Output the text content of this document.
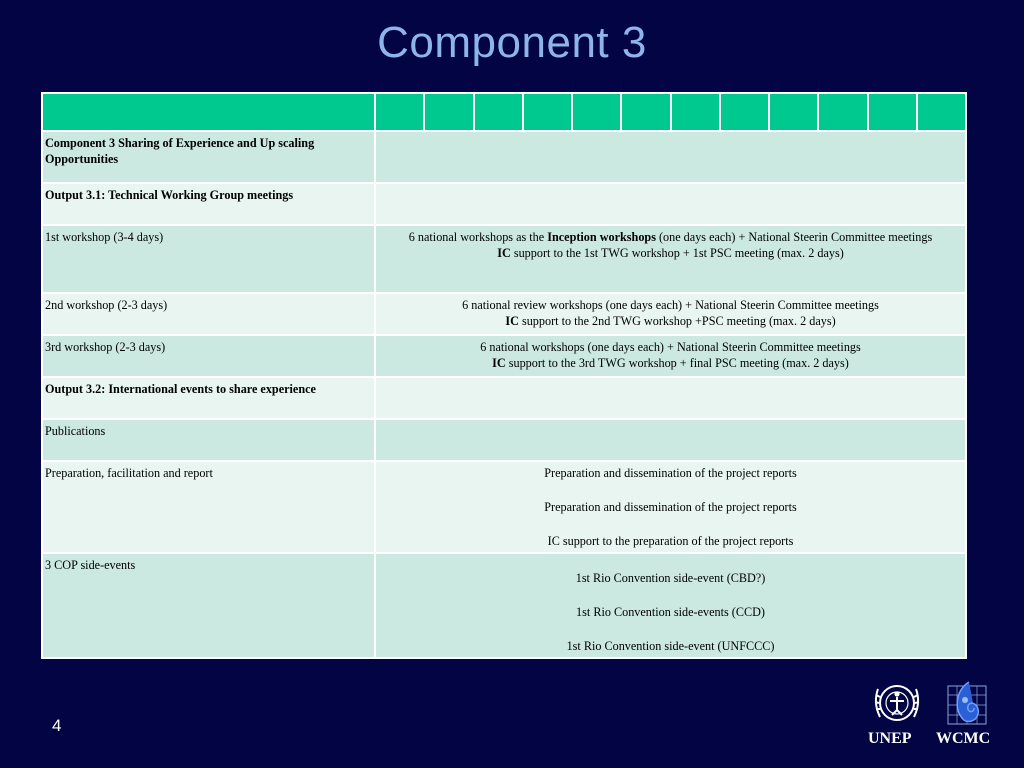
Component 3

Component 3 Sharing of Experience and Up scaling Opportunities												
Output 3.1: Technical Working Group meetings												
1st workshop (3-4 days)	6 national workshops as the Inception workshops (one days each) + National Steerin Committee meetings
IC support to the 1st TWG workshop + 1st PSC meeting (max. 2 days)											

2nd workshop (2-3 days)	6 national review workshops (one days each) + National Steerin Committee meetings
IC support to the 2nd TWG workshop +PSC meeting (max. 2 days)											

3rd workshop (2-3 days)	6 national workshops (one days each) + National Steerin Committee meetings
IC support to the 3rd TWG workshop + final PSC meeting (max. 2 days)											

Output 3.2: International events to share experience												
Publications												
Preparation, facilitation and report	Preparation and dissemination of the project reports
Preparation and dissemination of the project reports
IC support to the preparation of the project reports											

3 COP side-events	1st Rio Convention side-event (CBD?)
1st Rio Convention side-events (CCD)
1st Rio Convention side-event (UNFCCC)											
4
UNEP WCMC
